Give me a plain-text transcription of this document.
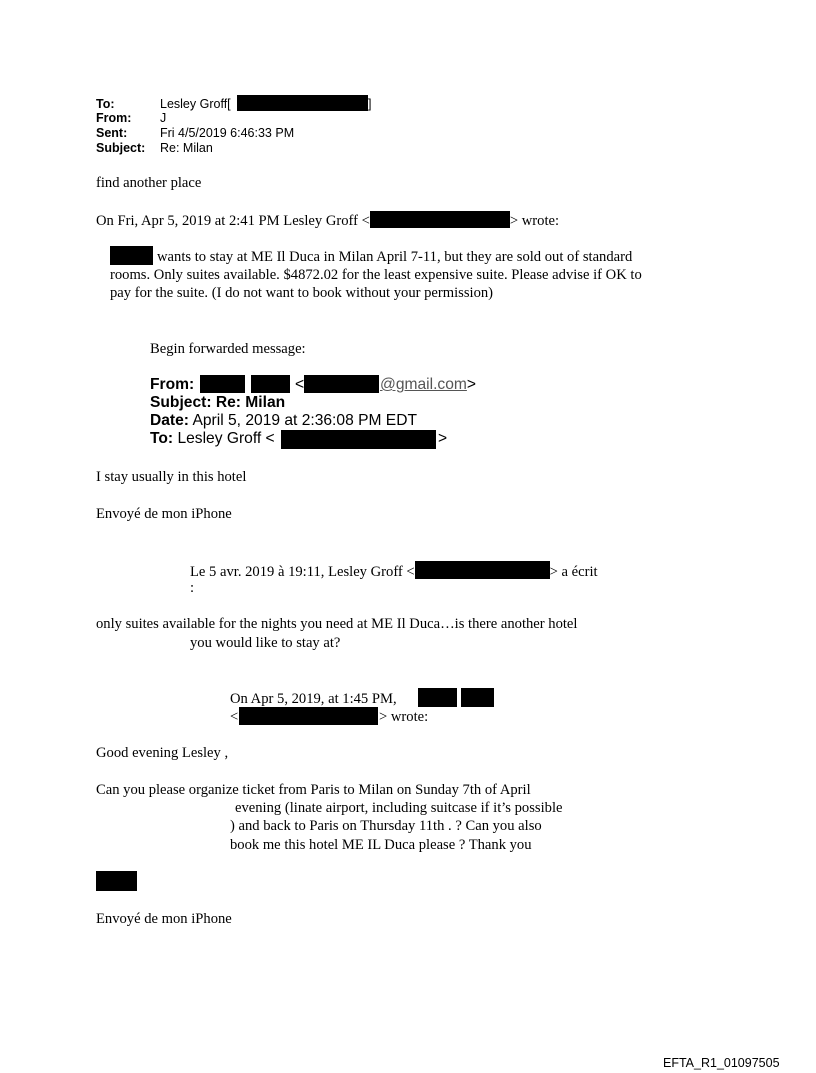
To:	Lesley Groff[
From: J
Sent:	Fri 4/5/2019 6:46:33 PM
Subject: Re: Milan
]
find another place
On Fri, Apr 5, 2019 at 2:41 PM Lesley Groff <	> wrote:
wants to stay at ME Il Duca in Milan April 7-11, but they are sold out of standard
rooms. Only suites available. $4872.02 for the least expensive suite. Please advise if OK to
pay for the suite. (I do not want to book without your permission)
Begin forwarded message:
From:	<	@gmail.com>
Subject: Re: Milan
Date: April 5, 2019 at 2:36:08 PM EDT
To: Lesley Groff <	>
I stay usually in this hotel
Envoyé de mon iPhone
Le 5 avr. 2019 à 19:11, Lesley Groff <	> a écrit
:
only suites available for the nights you need at ME Il Duca…is there another hotel
you would like to stay at?
On Apr 5, 2019, at 1:45 PM,
<	> wrote:
Good evening Lesley ,
Can you please organize ticket from Paris to Milan on Sunday 7th of April
evening (linate airport, including suitcase if it’s possible
) and back to Paris on Thursday 11th . ? Can you also
book me this hotel ME IL Duca please ? Thank you
Envoyé de mon iPhone
EFTA_R1_01097505
